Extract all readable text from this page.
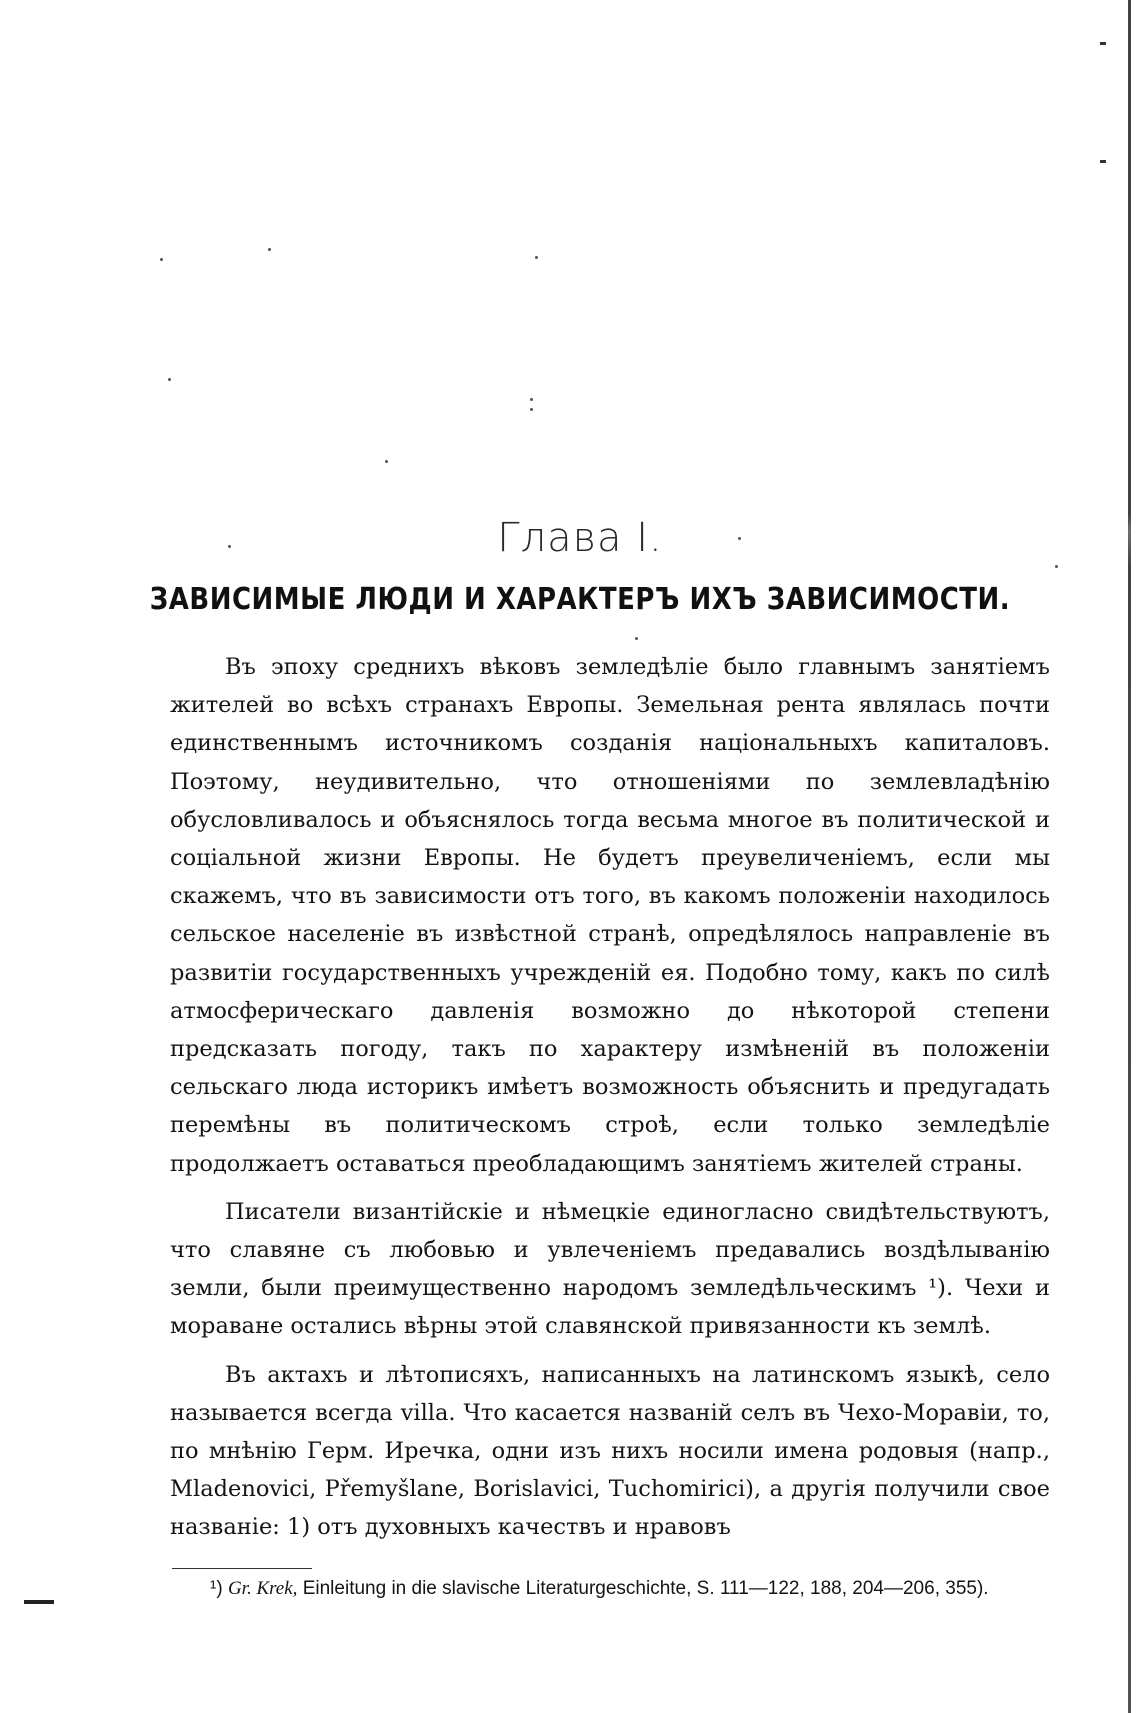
Глава I.
ЗАВИСИМЫЕ ЛЮДИ И ХАРАКТЕРЪ ИХЪ ЗАВИСИМОСТИ.

Въ эпоху среднихъ вѣковъ земледѣліе было главнымъ занятіемъ жителей во всѣхъ странахъ Европы. Земельная рента являлась почти единственнымъ источникомъ созданія національныхъ капиталовъ. Поэтому, неудивительно, что отношеніями по землевладѣнію обусловливалось и объяснялось тогда весьма многое въ политической и соціальной жизни Европы. Не будетъ преувеличеніемъ, если мы скажемъ, что въ зависимости отъ того, въ какомъ положеніи находилось сельское населеніе въ извѣстной странѣ, опредѣлялось направленіе въ развитіи государственныхъ учрежденій ея. Подобно тому, какъ по силѣ атмосферическаго давленія возможно до нѣкоторой степени предсказать погоду, такъ по характеру измѣненій въ положеніи сельскаго люда историкъ имѣетъ возможность объяснить и предугадать перемѣны въ политическомъ строѣ, если только земледѣліе продолжаетъ оставаться преобладающимъ занятіемъ жителей страны.

Писатели византійскіе и нѣмецкіе единогласно свидѣтельствуютъ, что славяне съ любовью и увлеченіемъ предавались воздѣлыванію земли, были преимущественно народомъ земледѣльческимъ ¹). Чехи и мораване остались вѣрны этой славянской привязанности къ землѣ.

Въ актахъ и лѣтописяхъ, написанныхъ на латинскомъ языкѣ, село называется всегда villa. Что касается названій селъ въ Чехо-Моравіи, то, по мнѣнію Герм. Иречка, одни изъ нихъ носили имена родовыя (напр., Mladenovici, Přemyšlane, Borislavici, Tuchomirici), а другія получили свое названіе: 1) отъ духовныхъ качествъ и нравовъ

¹) Gr. Krek, Einleitung in die slavische Literaturgeschichte, S. 111—122, 188, 204—206, 355).
